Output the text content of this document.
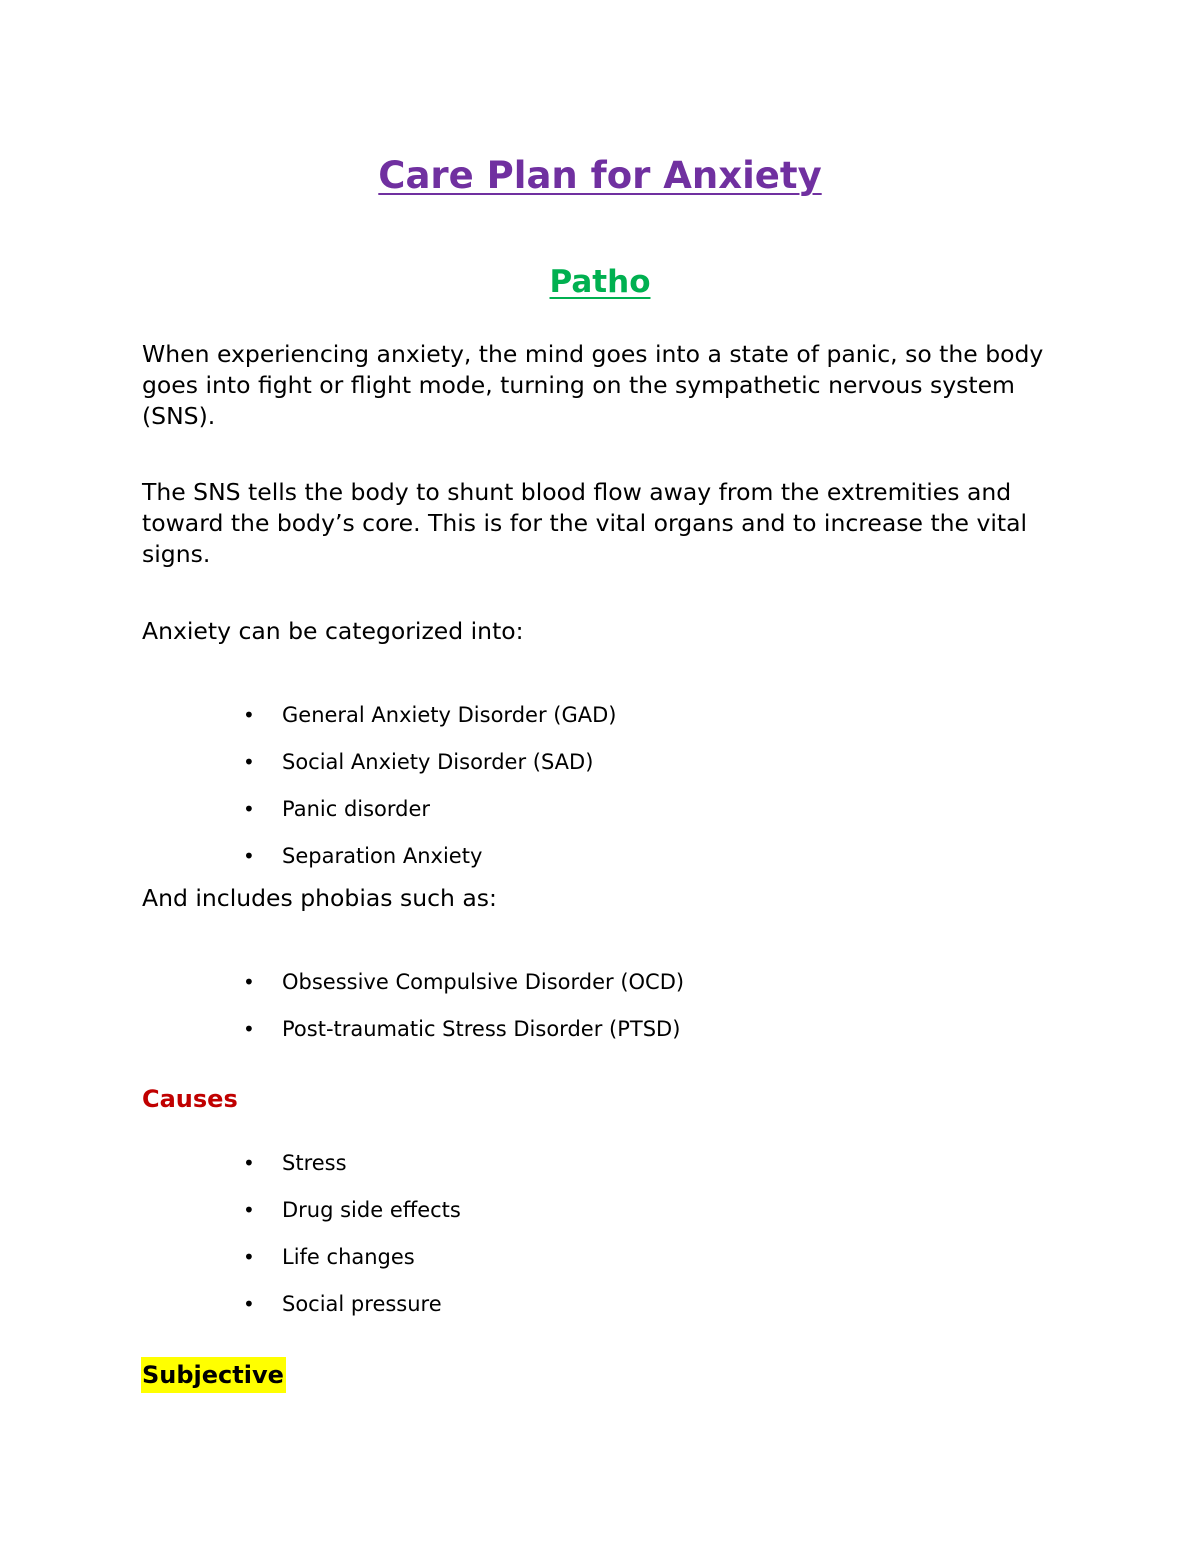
Care Plan for Anxiety
Patho

When experiencing anxiety, the mind goes into a state of panic, so the body goes into fight or flight mode, turning on the sympathetic nervous system (SNS).

The SNS tells the body to shunt blood flow away from the extremities and toward the body’s core. This is for the vital organs and to increase the vital signs.

Anxiety can be categorized into:

• General Anxiety Disorder (GAD)
• Social Anxiety Disorder (SAD)
• Panic disorder
• Separation Anxiety

And includes phobias such as:

• Obsessive Compulsive Disorder (OCD)
• Post-traumatic Stress Disorder (PTSD)
Causes
• Stress
• Drug side effects
• Life changes
• Social pressure
Subjective
